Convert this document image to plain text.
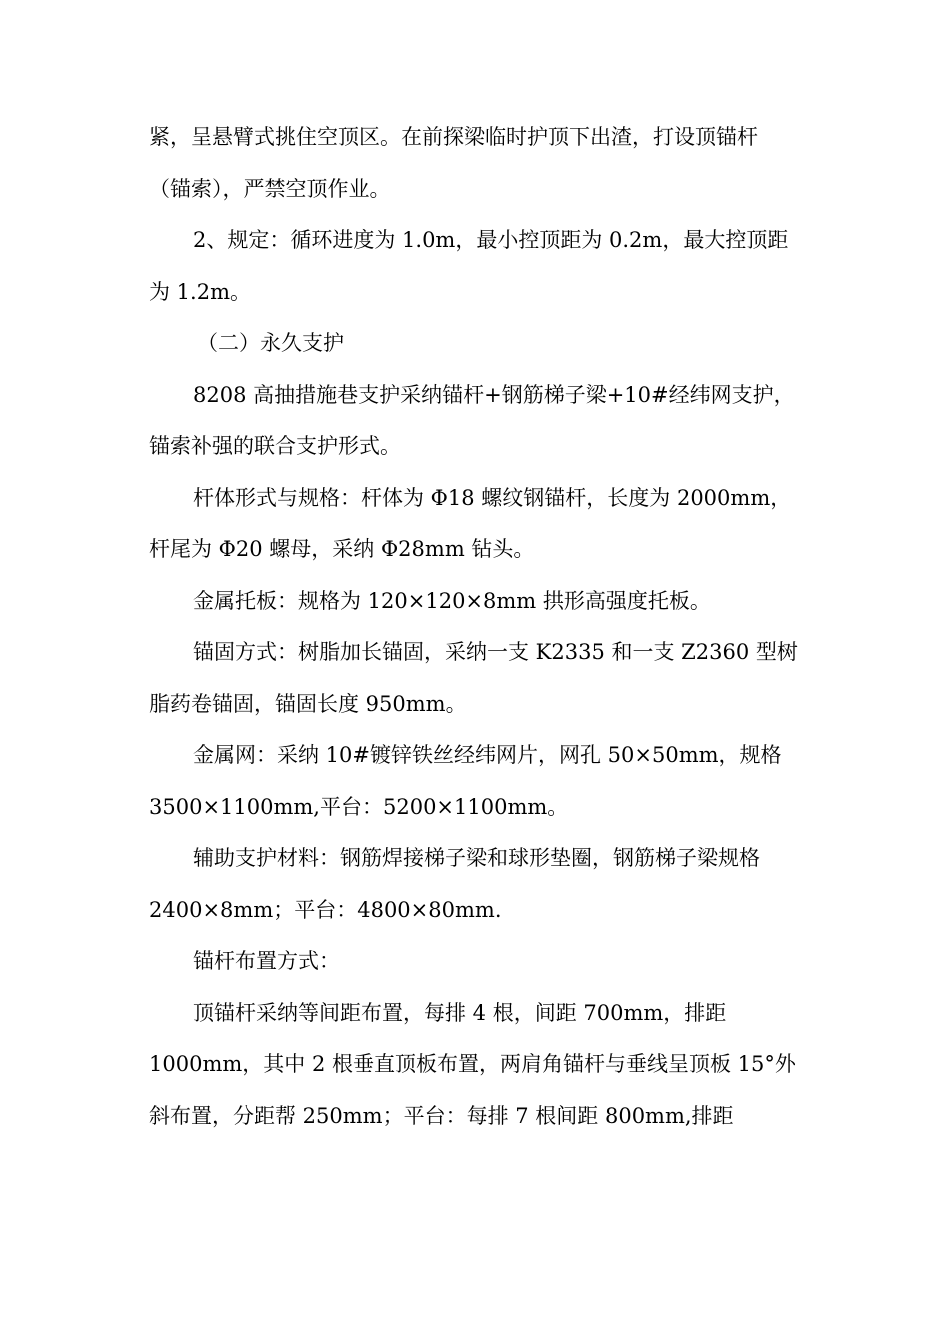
紧，呈悬臂式挑住空顶区。在前探梁临时护顶下出渣，打设顶锚杆
（锚索），严禁空顶作业。

2、规定：循环进度为 1.0m，最小控顶距为 0.2m，最大控顶距
为 1.2m。

（二）永久支护

8208 高抽措施巷支护采纳锚杆+钢筋梯子梁+10#经纬网支护，
锚索补强的联合支护形式。

杆体形式与规格：杆体为 Φ18 螺纹钢锚杆，长度为 2000mm，
杆尾为 Φ20 螺母，采纳 Φ28mm 钻头。

金属托板：规格为 120×120×8mm 拱形高强度托板。

锚固方式：树脂加长锚固，采纳一支 K2335 和一支 Z2360 型树
脂药卷锚固，锚固长度 950mm。

金属网：采纳 10#镀锌铁丝经纬网片，网孔 50×50mm，规格
3500×1100mm,平台：5200×1100mm。

辅助支护材料：钢筋焊接梯子梁和球形垫圈，钢筋梯子梁规格
2400×8mm；平台：4800×80mm.

锚杆布置方式：

顶锚杆采纳等间距布置，每排 4 根，间距 700mm，排距
1000mm，其中 2 根垂直顶板布置，两肩角锚杆与垂线呈顶板 15°外
斜布置，分距帮 250mm；平台：每排 7 根间距 800mm,排距
